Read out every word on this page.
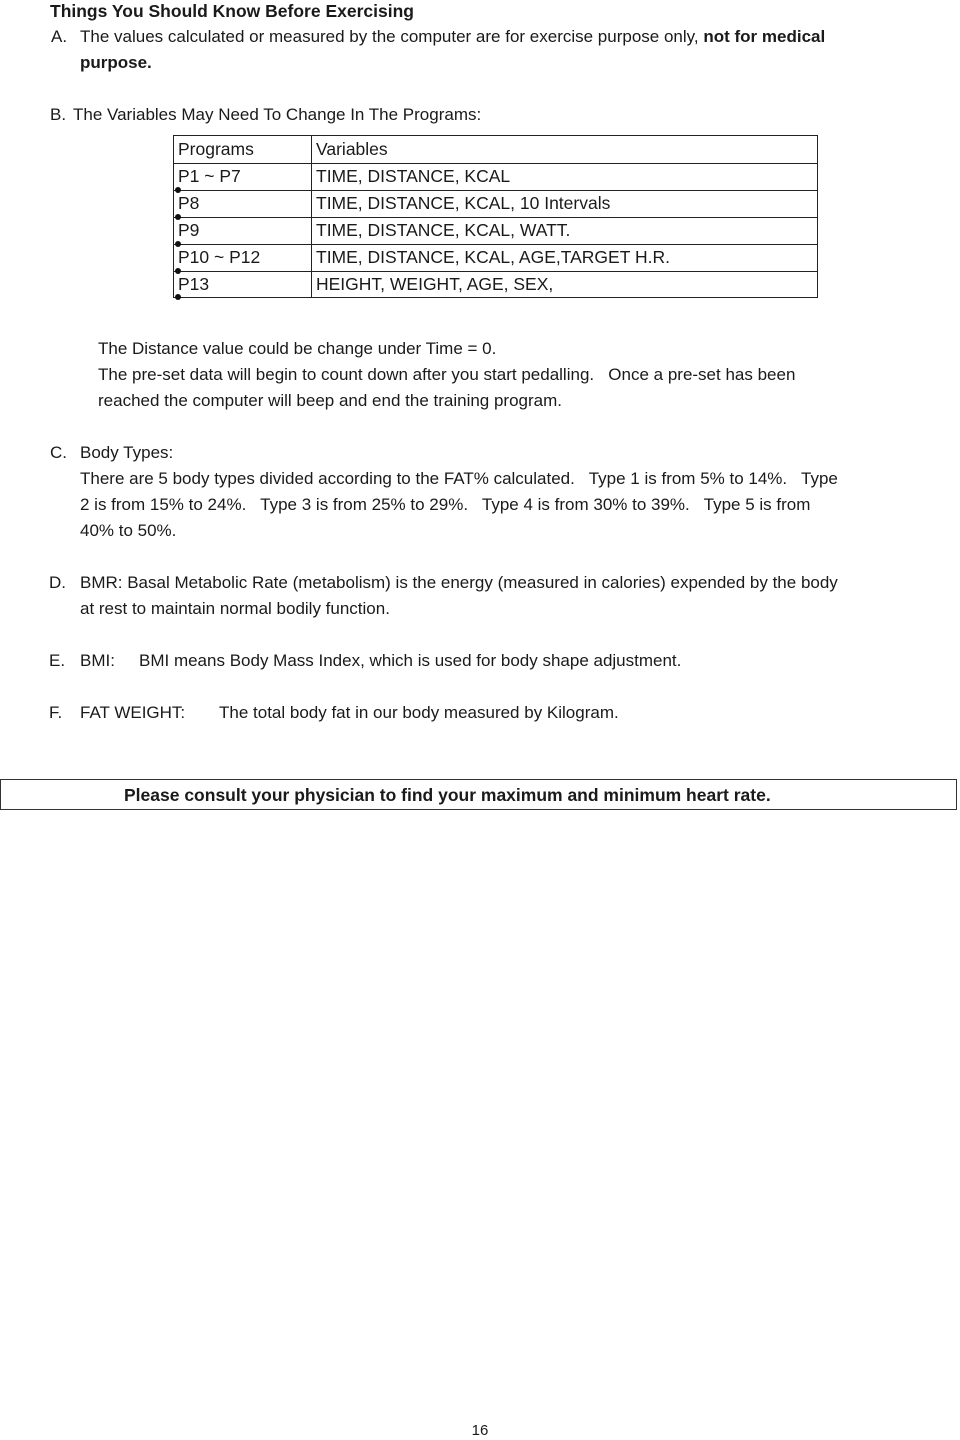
Things You Should Know Before Exercising
A. The values calculated or measured by the computer are for exercise purpose only, not for medical
purpose.
B. The Variables May Need To Change In The Programs:
Programs	Variables
P1 ~ P7	TIME, DISTANCE, KCAL
P8	TIME, DISTANCE, KCAL, 10 Intervals
P9	TIME, DISTANCE, KCAL, WATT.
P10 ~ P12	TIME, DISTANCE, KCAL, AGE,TARGET H.R.
P13	HEIGHT, WEIGHT, AGE, SEX,
The Distance value could be change under Time = 0.
The pre-set data will begin to count down after you start pedalling.   Once a pre-set has been
reached the computer will beep and end the training program.
C. Body Types:
There are 5 body types divided according to the FAT% calculated.   Type 1 is from 5% to 14%.   Type
2 is from 15% to 24%.   Type 3 is from 25% to 29%.   Type 4 is from 30% to 39%.   Type 5 is from
40% to 50%.
D. BMR: Basal Metabolic Rate (metabolism) is the energy (measured in calories) expended by the body
at rest to maintain normal bodily function.
E. BMI: BMI means Body Mass Index, which is used for body shape adjustment.
F. FAT WEIGHT: The total body fat in our body measured by Kilogram.
Please consult your physician to find your maximum and minimum heart rate.
16
